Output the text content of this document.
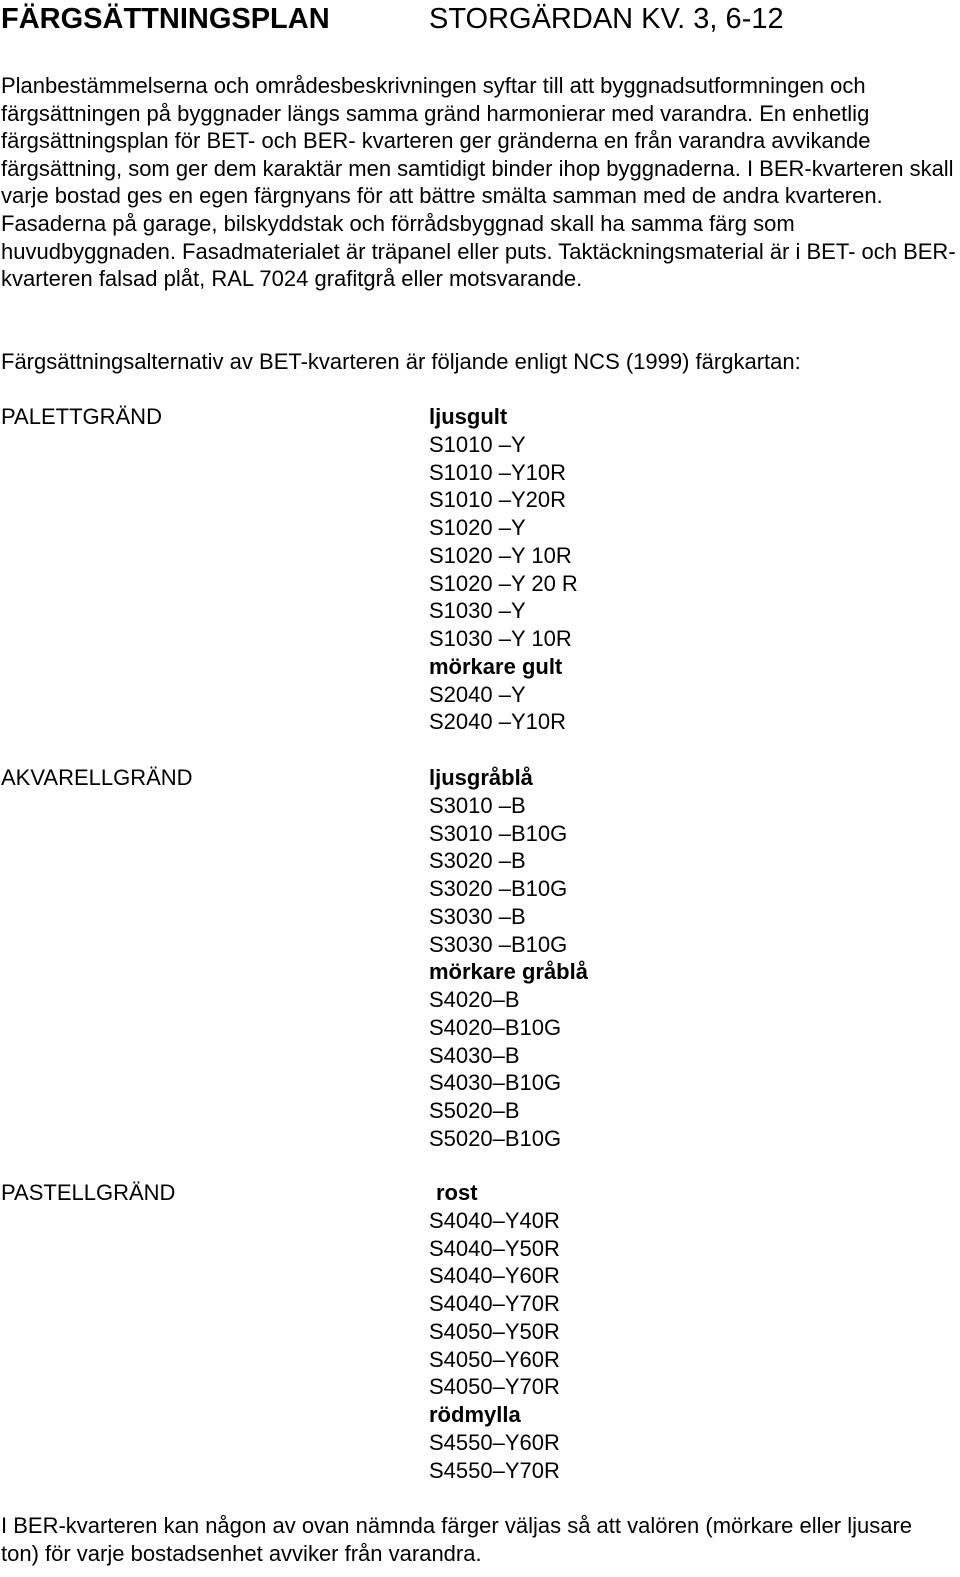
FÄRGSÄTTNINGSPLAN	STORGÄRDAN KV. 3, 6-12

Planbestämmelserna och områdesbeskrivningen syftar till att byggnadsutformningen och färgsättningen på byggnader längs samma gränd harmonierar med varandra. En enhetlig färgsättningsplan för BET- och BER- kvarteren ger gränderna en från varandra avvikande färgsättning, som ger dem karaktär men samtidigt binder ihop byggnaderna. I BER-kvarteren skall varje bostad ges en egen färgnyans för att bättre smälta samman med de andra kvarteren. Fasaderna på garage, bilskyddstak och förrådsbyggnad skall ha samma färg som huvudbyggnaden. Fasadmaterialet är träpanel eller puts. Taktäckningsmaterial är i BET- och BER-kvarteren falsad plåt, RAL 7024 grafitgrå eller motsvarande.

Färgsättningsalternativ av BET-kvarteren är följande enligt NCS (1999) färgkartan:

PALETTGRÄND	ljusgult
S1010 –Y
S1010 –Y10R
S1010 –Y20R
S1020 –Y
S1020 –Y 10R
S1020 –Y 20 R
S1030 –Y
S1030 –Y 10R
mörkare gult
S2040 –Y
S2040 –Y10R
AKVARELLGRÄND	ljusgråblå
S3010 –B
S3010 –B10G
S3020 –B
S3020 –B10G
S3030 –B
S3030 –B10G
mörkare gråblå
S4020–B
S4020–B10G
S4030–B
S4030–B10G
S5020–B
S5020–B10G
PASTELLGRÄND	rost
S4040–Y40R
S4040–Y50R
S4040–Y60R
S4040–Y70R
S4050–Y50R
S4050–Y60R
S4050–Y70R
rödmylla
S4550–Y60R
S4550–Y70R

I BER-kvarteren kan någon av ovan nämnda färger väljas så att valören (mörkare eller ljusare ton) för varje bostadsenhet avviker från varandra.
